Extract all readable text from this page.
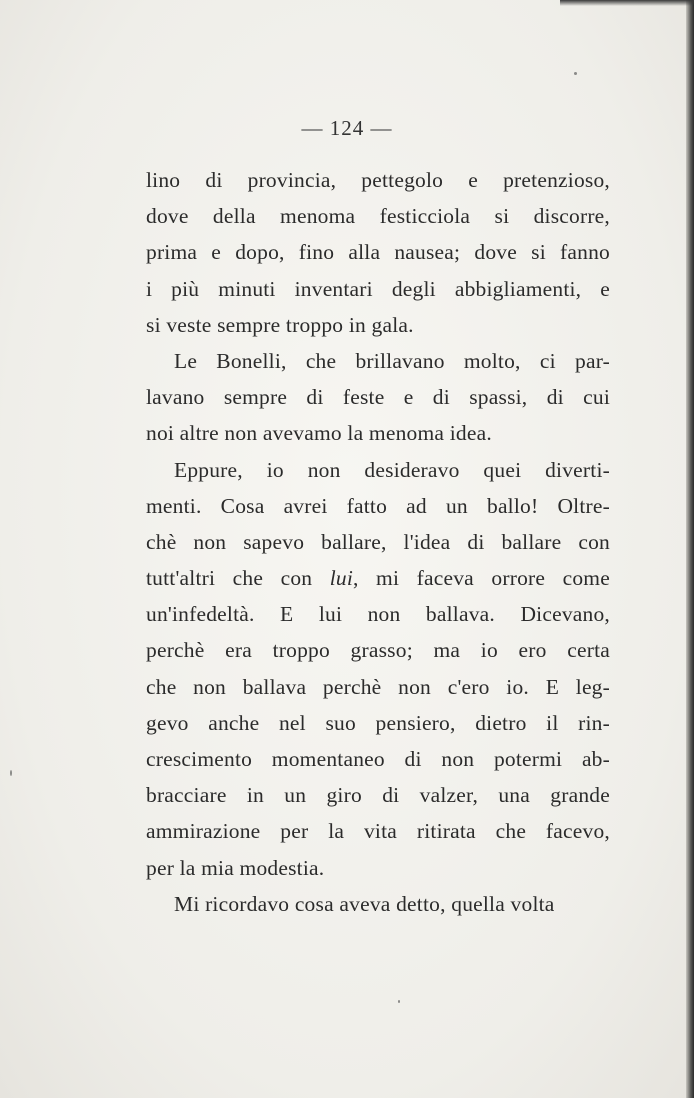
— 124 —
lino di provincia, pettegolo e pretenzioso,
dove della menoma festicciola si discorre,
prima e dopo, fino alla nausea; dove si fanno
i più minuti inventari degli abbigliamenti, e
si veste sempre troppo in gala.
Le Bonelli, che brillavano molto, ci par-
lavano sempre di feste e di spassi, di cui
noi altre non avevamo la menoma idea.
Eppure, io non desideravo quei diverti-
menti. Cosa avrei fatto ad un ballo! Oltre-
chè non sapevo ballare, l'idea di ballare con
tutt'altri che con lui, mi faceva orrore come
un'infedeltà. E lui non ballava. Dicevano,
perchè era troppo grasso; ma io ero certa
che non ballava perchè non c'ero io. E leg-
gevo anche nel suo pensiero, dietro il rin-
crescimento momentaneo di non potermi ab-
bracciare in un giro di valzer, una grande
ammirazione per la vita ritirata che facevo,
per la mia modestia.
Mi ricordavo cosa aveva detto, quella volta
